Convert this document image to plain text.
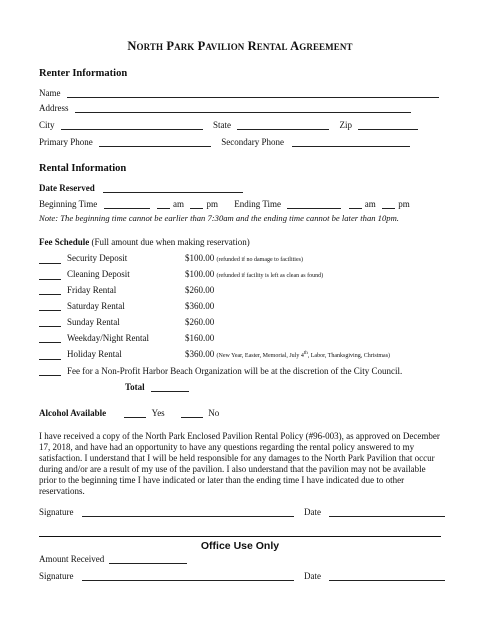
North Park Pavilion Rental Agreement
Renter Information
Name
Address
City	State	Zip
Primary Phone	Secondary Phone
Rental Information
Date Reserved
Beginning Time	am	pm Ending Time	am	pm
Note: The beginning time cannot be earlier than 7:30am and the ending time cannot be later than 10pm.
Fee Schedule (Full amount due when making reservation)
Security Deposit	$100.00 (refunded if no damage to facilities)
Cleaning Deposit	$100.00 (refunded if facility is left as clean as found)
Friday Rental	$260.00
Saturday Rental	$360.00
Sunday Rental	$260.00
Weekday/Night Rental	$160.00
Holiday Rental	$360.00 (New Year, Easter, Memorial, July 4th, Labor, Thanksgiving, Christmas)
Fee for a Non-Profit Harbor Beach Organization will be at the discretion of the City Council.
Total
Alcohol Available	Yes	No
I have received a copy of the North Park Enclosed Pavilion Rental Policy (#96-003), as approved on December 17, 2018, and have had an opportunity to have any questions regarding the rental policy answered to my satisfaction. I understand that I will be held responsible for any damages to the North Park Pavilion that occur during and/or are a result of my use of the pavilion. I also understand that the pavilion may not be available prior to the beginning time I have indicated or later than the ending time I have indicated due to other reservations.
Signature	Date
Office Use Only
Amount Received
Signature	Date
